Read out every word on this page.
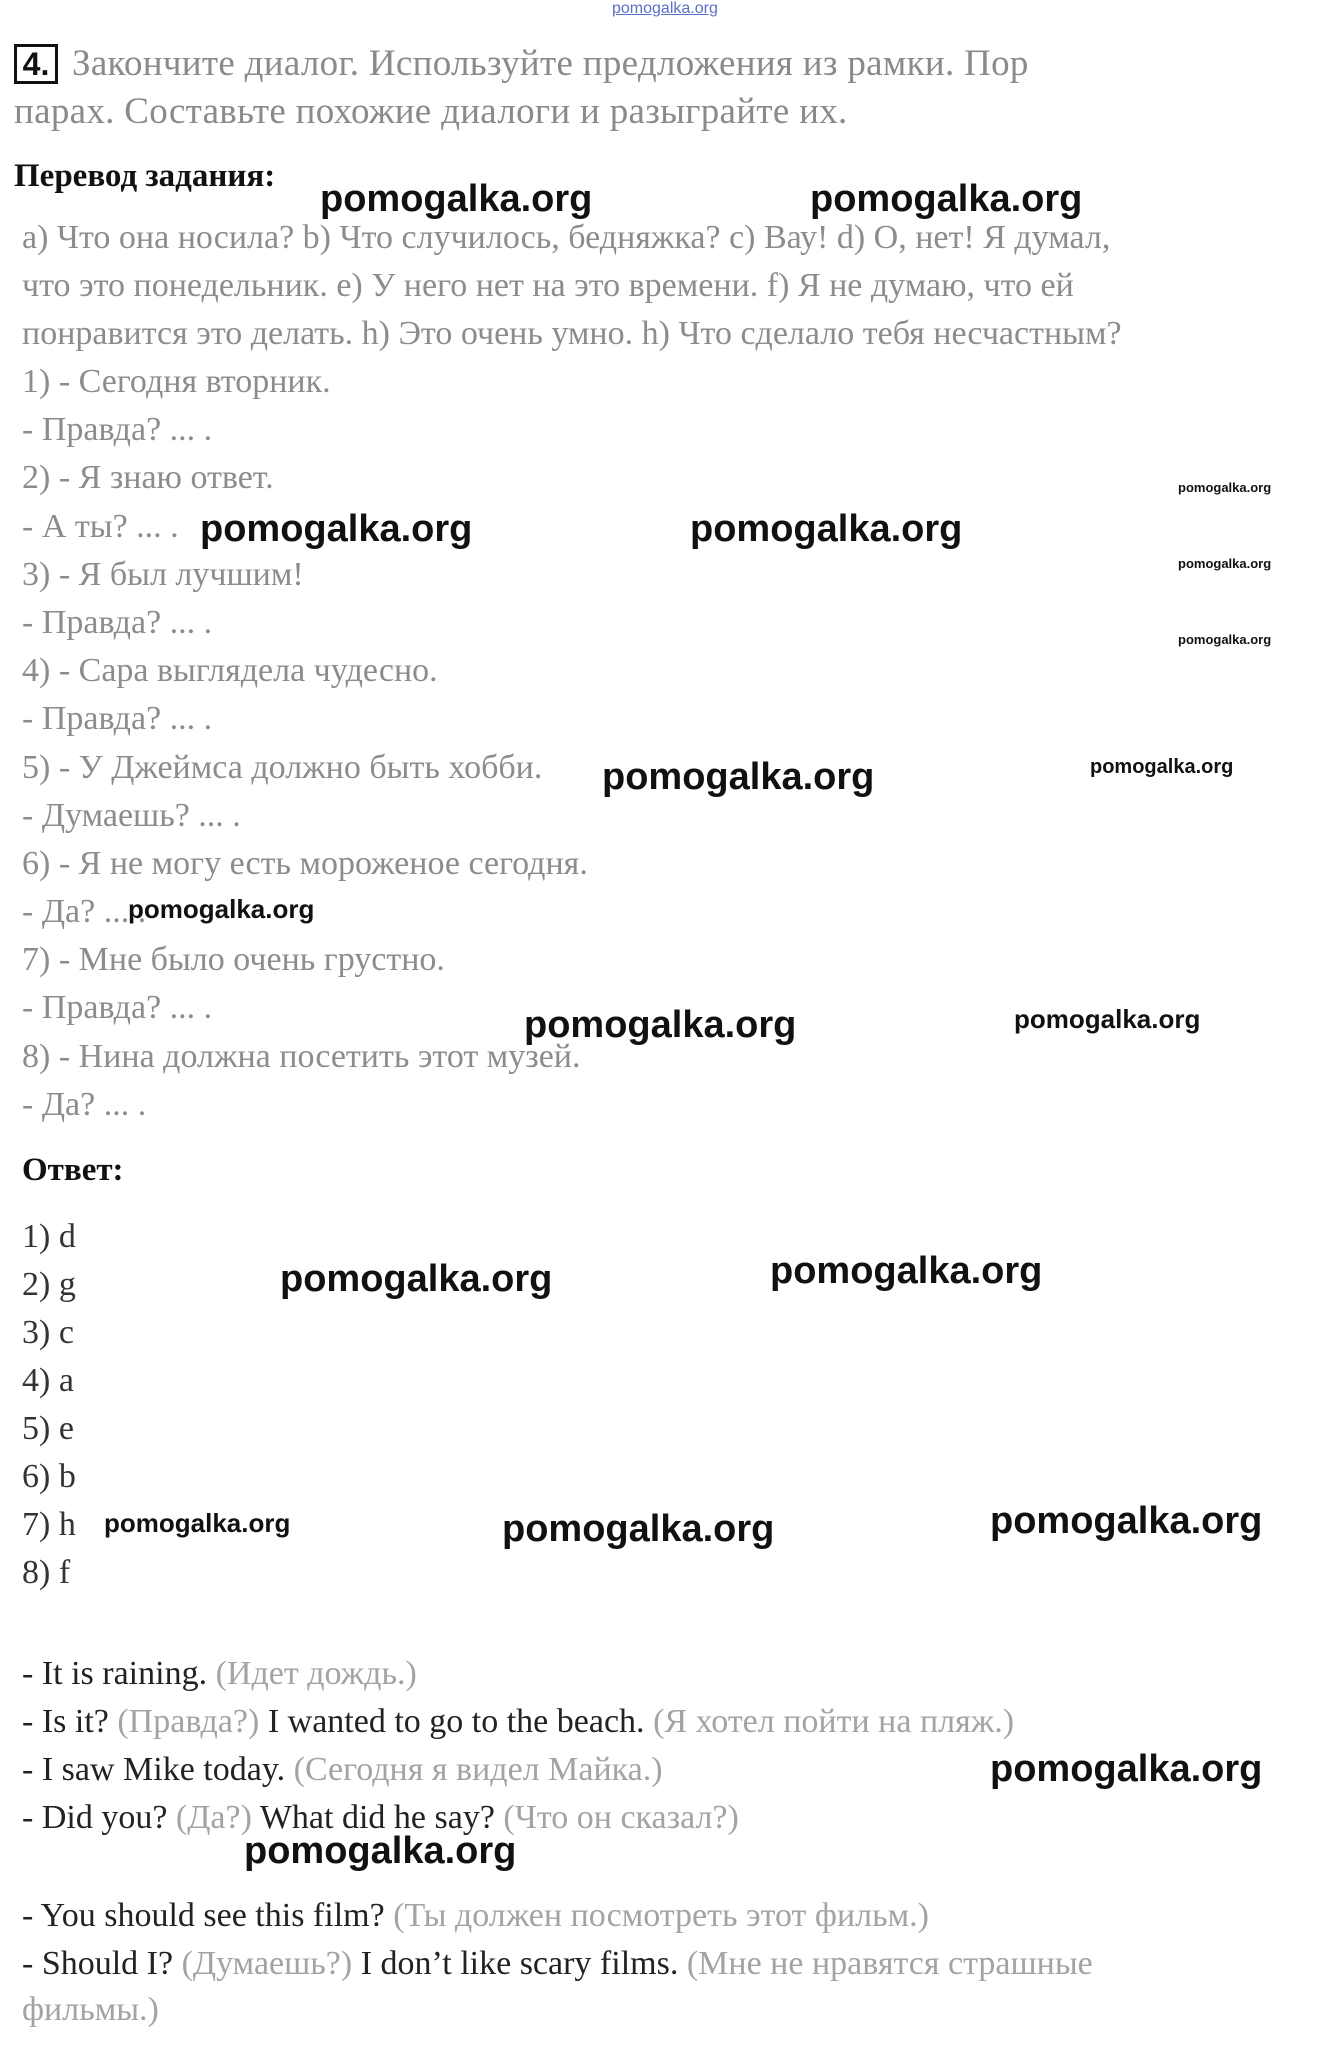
pomogalka.org
4. Закончите диалог. Используйте предложения из рамки. Пор
парах. Составьте похожие диалоги и разыграйте их.
Перевод задания:
a) Что она носила? b) Что случилось, бедняжка? c) Вау! d) О, нет! Я думал,
что это понедельник. e) У него нет на это времени. f) Я не думаю, что ей
понравится это делать. h) Это очень умно. h) Что сделало тебя несчастным?
1) - Сегодня вторник.
- Правда? ... .
2) - Я знаю ответ.
- А ты? ... .
3) - Я был лучшим!
- Правда? ... .
4) - Сара выглядела чудесно.
- Правда? ... .
5) - У Джеймса должно быть хобби.
- Думаешь? ... .
6) - Я не могу есть мороженое сегодня.
- Да? ... .
7) - Мне было очень грустно.
- Правда? ... .
8) - Нина должна посетить этот музей.
- Да? ... .
Ответ:
1) d
2) g
3) c
4) a
5) e
6) b
7) h
8) f
- It is raining. (Идет дождь.)
- Is it? (Правда?) I wanted to go to the beach. (Я хотел пойти на пляж.)
- I saw Mike today. (Сегодня я видел Майка.)
- Did you? (Да?) What did he say? (Что он сказал?)
- You should see this film? (Ты должен посмотреть этот фильм.)
- Should I? (Думаешь?) I don’t like scary films. (Мне не нравятся страшные
фильмы.)
pomogalka.org	pomogalka.org
pomogalka.org
pomogalka.org	pomogalka.org
pomogalka.org
pomogalka.org
pomogalka.org	pomogalka.org
pomogalka.org
pomogalka.org	pomogalka.org
pomogalka.org	pomogalka.org
pomogalka.org	pomogalka.org	pomogalka.org
pomogalka.org
pomogalka.org
